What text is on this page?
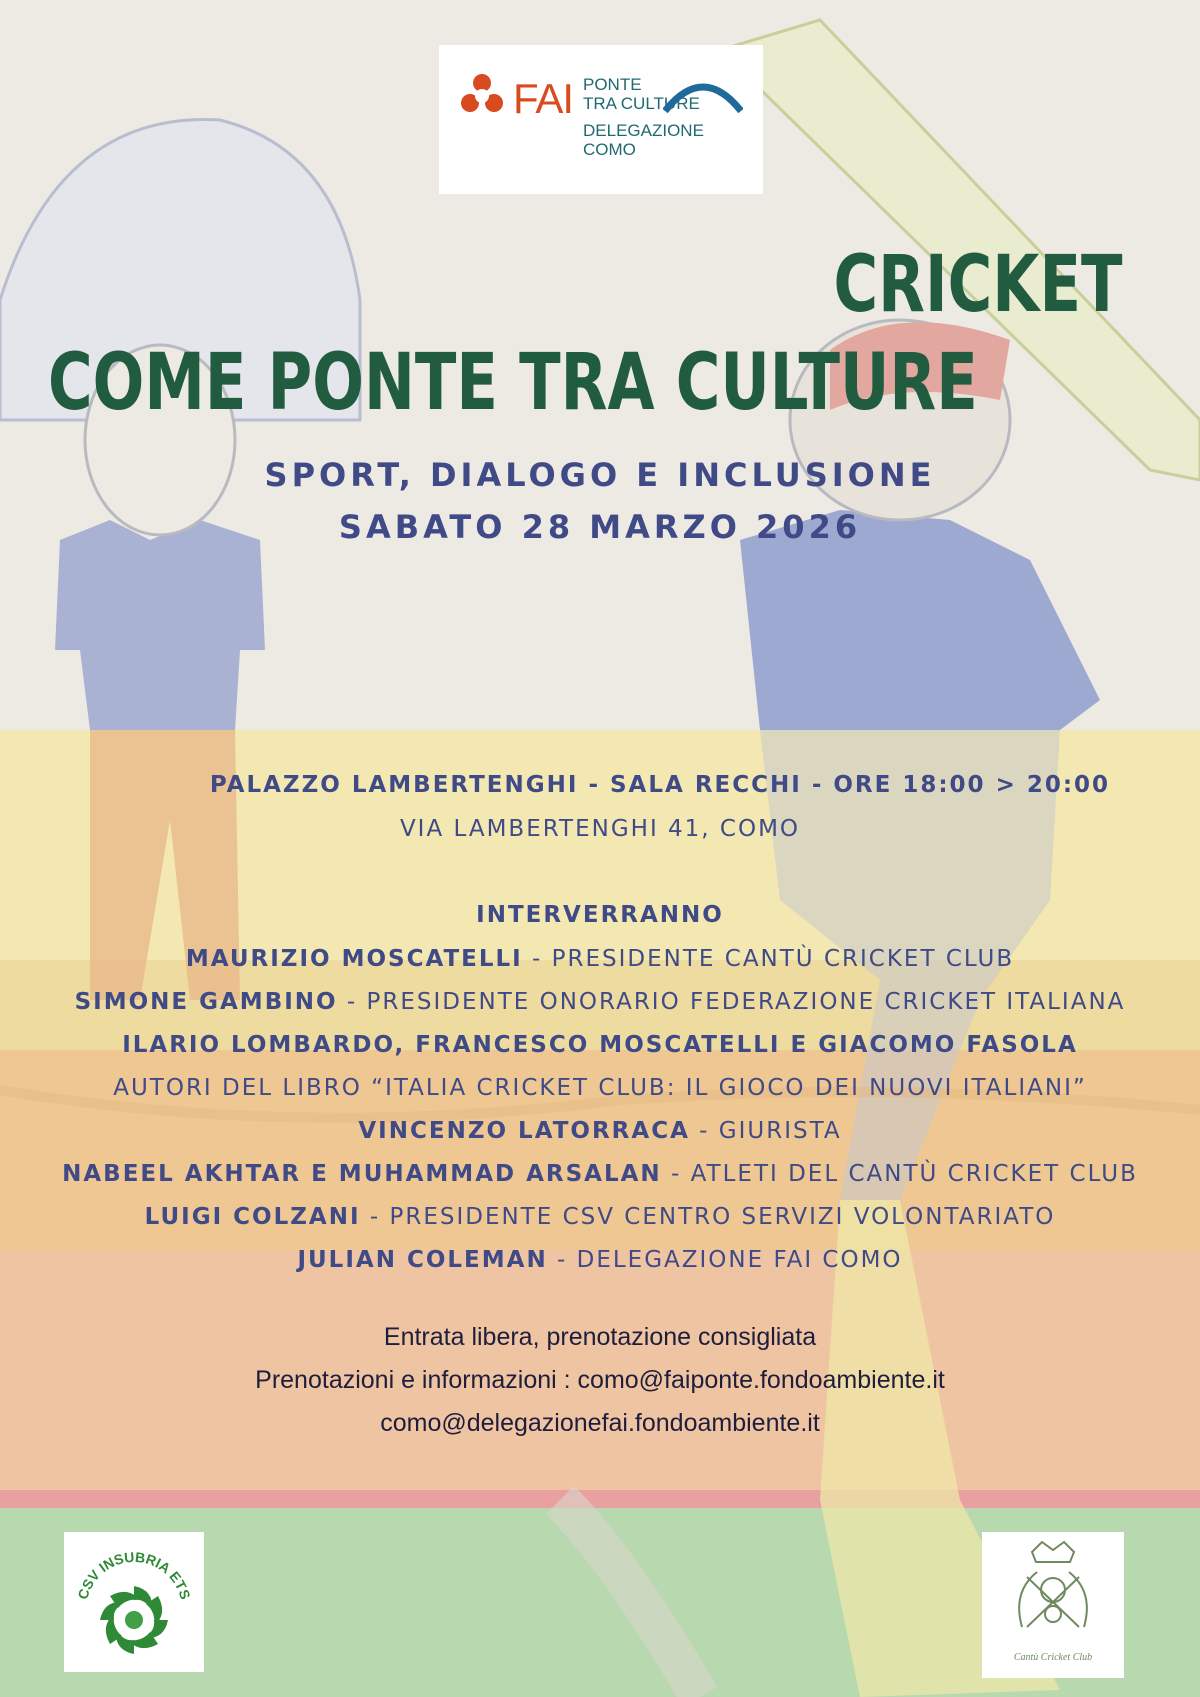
FAI PONTE
TRA CULTURE
DELEGAZIONE
COMO
CRICKET
COME PONTE TRA CULTURE
SPORT, DIALOGO E INCLUSIONE
SABATO 28 MARZO 2026
PALAZZO LAMBERTENGHI - SALA RECCHI - ORE 18:00 > 20:00
VIA LAMBERTENGHI 41, COMO
INTERVERRANNO
MAURIZIO MOSCATELLI - PRESIDENTE CANTÙ CRICKET CLUB
SIMONE GAMBINO - PRESIDENTE ONORARIO FEDERAZIONE CRICKET ITALIANA
ILARIO LOMBARDO, FRANCESCO MOSCATELLI E GIACOMO FASOLA
AUTORI DEL LIBRO “ITALIA CRICKET CLUB: IL GIOCO DEI NUOVI ITALIANI”
VINCENZO LATORRACA - GIURISTA
NABEEL AKHTAR E MUHAMMAD ARSALAN - ATLETI DEL CANTÙ CRICKET CLUB
LUIGI COLZANI - PRESIDENTE CSV CENTRO SERVIZI VOLONTARIATO
JULIAN COLEMAN - DELEGAZIONE FAI COMO
Entrata libera, prenotazione consigliata
Prenotazioni e informazioni : como@faiponte.fondoambiente.it
como@delegazionefai.fondoambiente.it
CSV INSUBRIA ETS
Cantù Cricket Club
